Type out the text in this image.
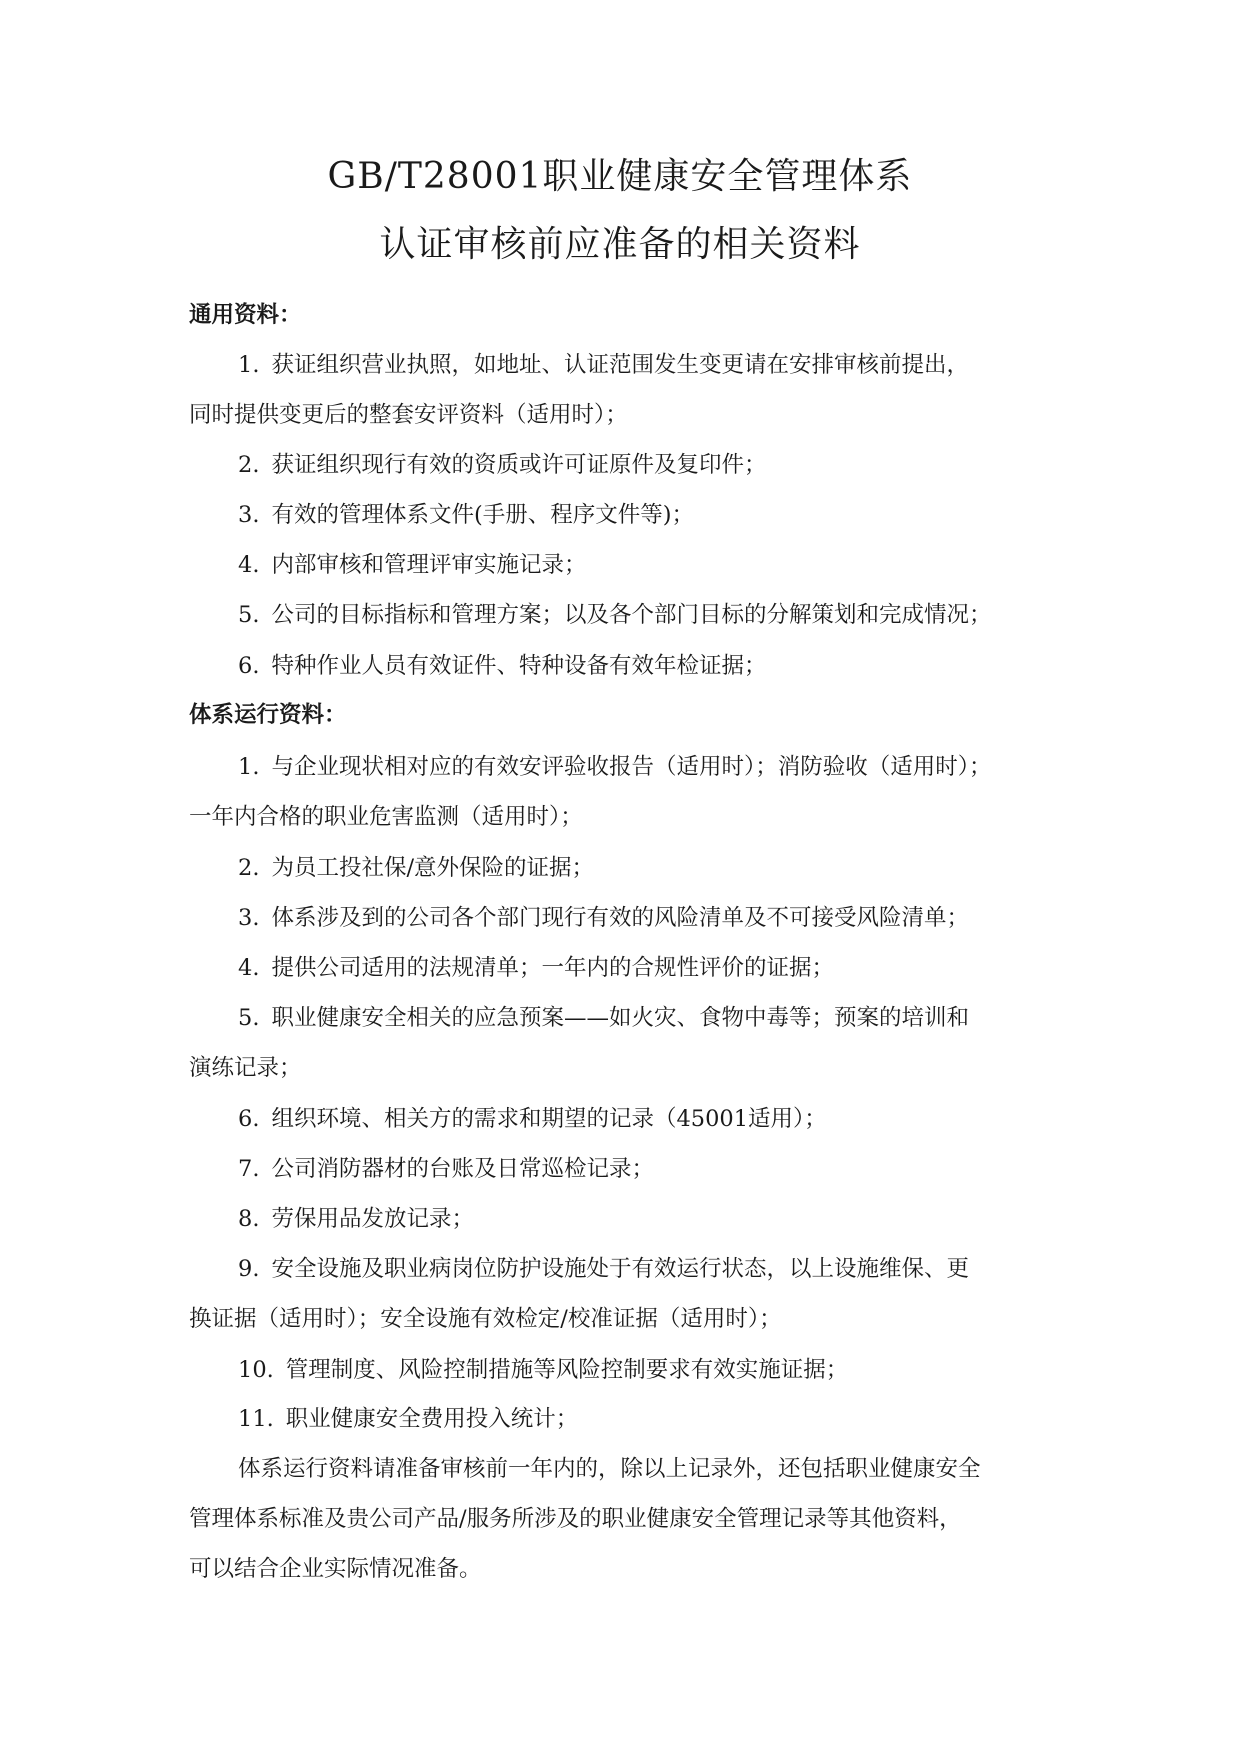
GB/T28001职业健康安全管理体系
认证审核前应准备的相关资料
通用资料：
1. 获证组织营业执照，如地址、认证范围发生变更请在安排审核前提出，
同时提供变更后的整套安评资料（适用时）；
2. 获证组织现行有效的资质或许可证原件及复印件；
3. 有效的管理体系文件(手册、程序文件等)；
4. 内部审核和管理评审实施记录；
5. 公司的目标指标和管理方案；以及各个部门目标的分解策划和完成情况；
6. 特种作业人员有效证件、特种设备有效年检证据；
体系运行资料：
1. 与企业现状相对应的有效安评验收报告（适用时）；消防验收（适用时）；
一年内合格的职业危害监测（适用时）；
2. 为员工投社保/意外保险的证据；
3. 体系涉及到的公司各个部门现行有效的风险清单及不可接受风险清单；
4. 提供公司适用的法规清单；一年内的合规性评价的证据；
5. 职业健康安全相关的应急预案——如火灾、食物中毒等；预案的培训和
演练记录；
6. 组织环境、相关方的需求和期望的记录（45001适用）；
7. 公司消防器材的台账及日常巡检记录；
8. 劳保用品发放记录；
9. 安全设施及职业病岗位防护设施处于有效运行状态，以上设施维保、更
换证据（适用时）；安全设施有效检定/校准证据（适用时）；
10. 管理制度、风险控制措施等风险控制要求有效实施证据；
11. 职业健康安全费用投入统计；
体系运行资料请准备审核前一年内的，除以上记录外，还包括职业健康安全
管理体系标准及贵公司产品/服务所涉及的职业健康安全管理记录等其他资料，
可以结合企业实际情况准备。
